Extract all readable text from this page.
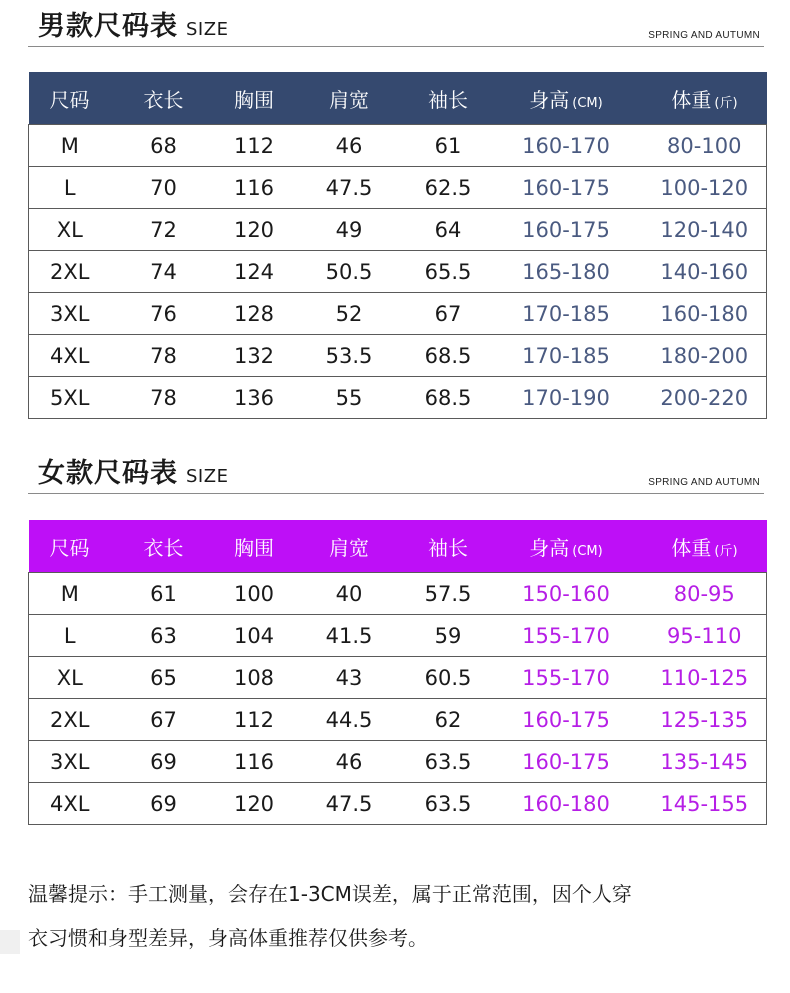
男款尺码表 SIZE	SPRING AND AUTUMN
尺码	衣长	胸围	肩宽	袖长	身高 (CM)	体重 (斤)
M	68	112	46	61	160-170	80-100
L	70	116	47.5	62.5	160-175	100-120
XL	72	120	49	64	160-175	120-140
2XL	74	124	50.5	65.5	165-180	140-160
3XL	76	128	52	67	170-185	160-180
4XL	78	132	53.5	68.5	170-185	180-200
5XL	78	136	55	68.5	170-190	200-220
女款尺码表 SIZE	SPRING AND AUTUMN
尺码	衣长	胸围	肩宽	袖长	身高 (CM)	体重 (斤)
M	61	100	40	57.5	150-160	80-95
L	63	104	41.5	59	155-170	95-110
XL	65	108	43	60.5	155-170	110-125
2XL	67	112	44.5	62	160-175	125-135
3XL	69	116	46	63.5	160-175	135-145
4XL	69	120	47.5	63.5	160-180	145-155

温馨提示：手工测量，会存在1-3CM误差，属于正常范围，因个人穿

衣习惯和身型差异，身高体重推荐仅供参考。
